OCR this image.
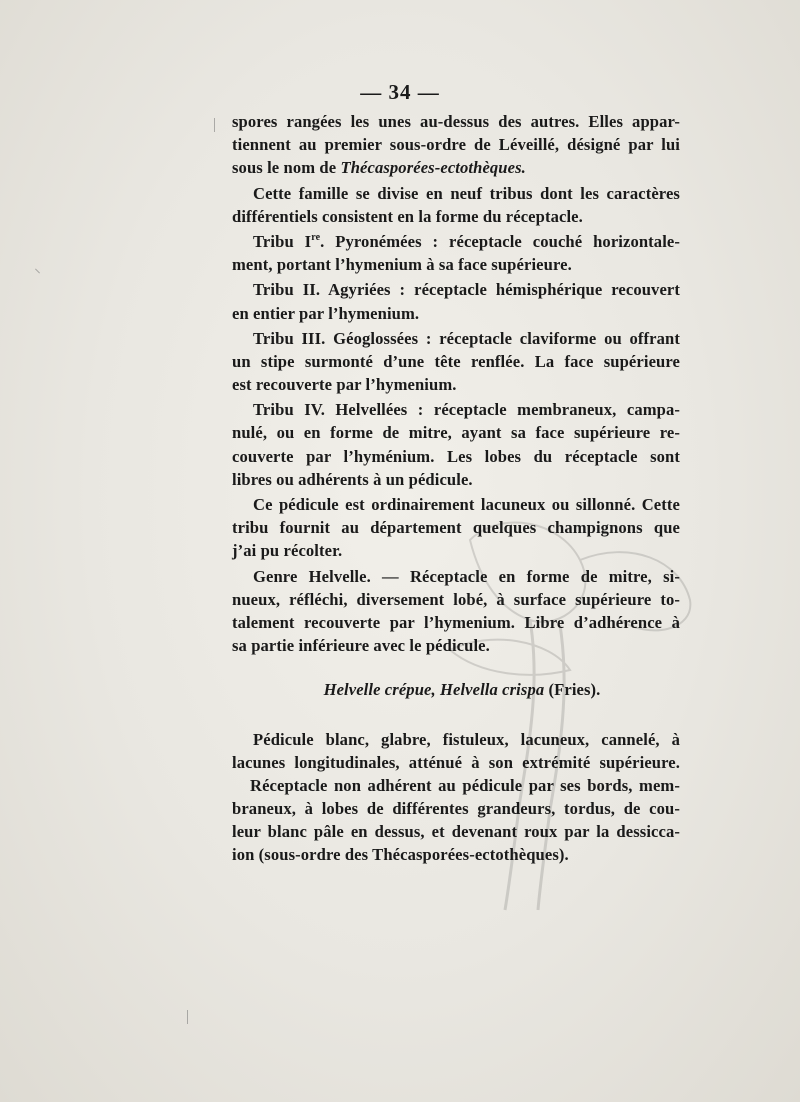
— 34 —
spores rangées les unes au-dessus des autres. Elles appar-
tiennent au premier sous-ordre de Léveillé, désigné par lui
sous le nom de Thécasporées-ectothèques.
Cette famille se divise en neuf tribus dont les caractères
différentiels consistent en la forme du réceptacle.
Tribu Ire. Pyronémées : réceptacle couché horizontale-
ment, portant l’hymenium à sa face supérieure.
Tribu II. Agyriées : réceptacle hémisphérique recouvert
en entier par l’hymenium.
Tribu III. Géoglossées : réceptacle claviforme ou offrant
un stipe surmonté d’une tête renflée. La face supérieure
est recouverte par l’hymenium.
Tribu IV. Helvellées : réceptacle membraneux, campa-
nulé, ou en forme de mitre, ayant sa face supérieure re-
couverte par l’hyménium. Les lobes du réceptacle sont
libres ou adhérents à un pédicule.
Ce pédicule est ordinairement lacuneux ou sillonné. Cette
tribu fournit au département quelques champignons que
j’ai pu récolter.
Genre Helvelle. — Réceptacle en forme de mitre, si-
nueux, réfléchi, diversement lobé, à surface supérieure to-
talement recouverte par l’hymenium. Libre d’adhérence à
sa partie inférieure avec le pédicule.
Helvelle crépue, Helvella crispa (Fries).
Pédicule blanc, glabre, fistuleux, lacuneux, cannelé, à
lacunes longitudinales, atténué à son extrémité supérieure.
Réceptacle non adhérent au pédicule par ses bords, mem-
braneux, à lobes de différentes grandeurs, tordus, de cou-
leur blanc pâle en dessus, et devenant roux par la dessicca-
ion (sous-ordre des Thécasporées-ectothèques).
